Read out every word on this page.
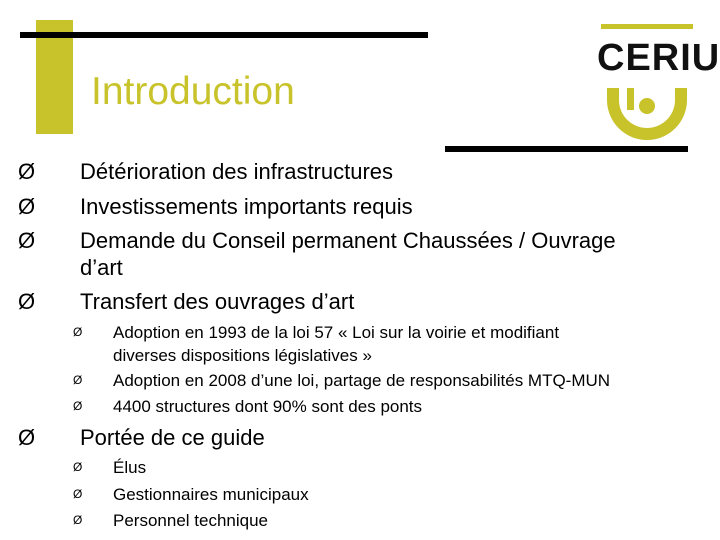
Introduction
CERIU
Ø Détérioration des infrastructures
Ø Investissements importants requis
Ø Demande du Conseil permanent Chaussées / Ouvrage
d’art
Ø Transfert des ouvrages d’art
Ø Adoption en 1993 de la loi 57 « Loi sur la voirie et modifiant
diverses dispositions législatives »
Ø Adoption en 2008 d’une loi, partage de responsabilités MTQ-MUN
Ø 4400 structures dont 90% sont des ponts
Ø Portée de ce guide
Ø Élus
Ø Gestionnaires municipaux
Ø Personnel technique
